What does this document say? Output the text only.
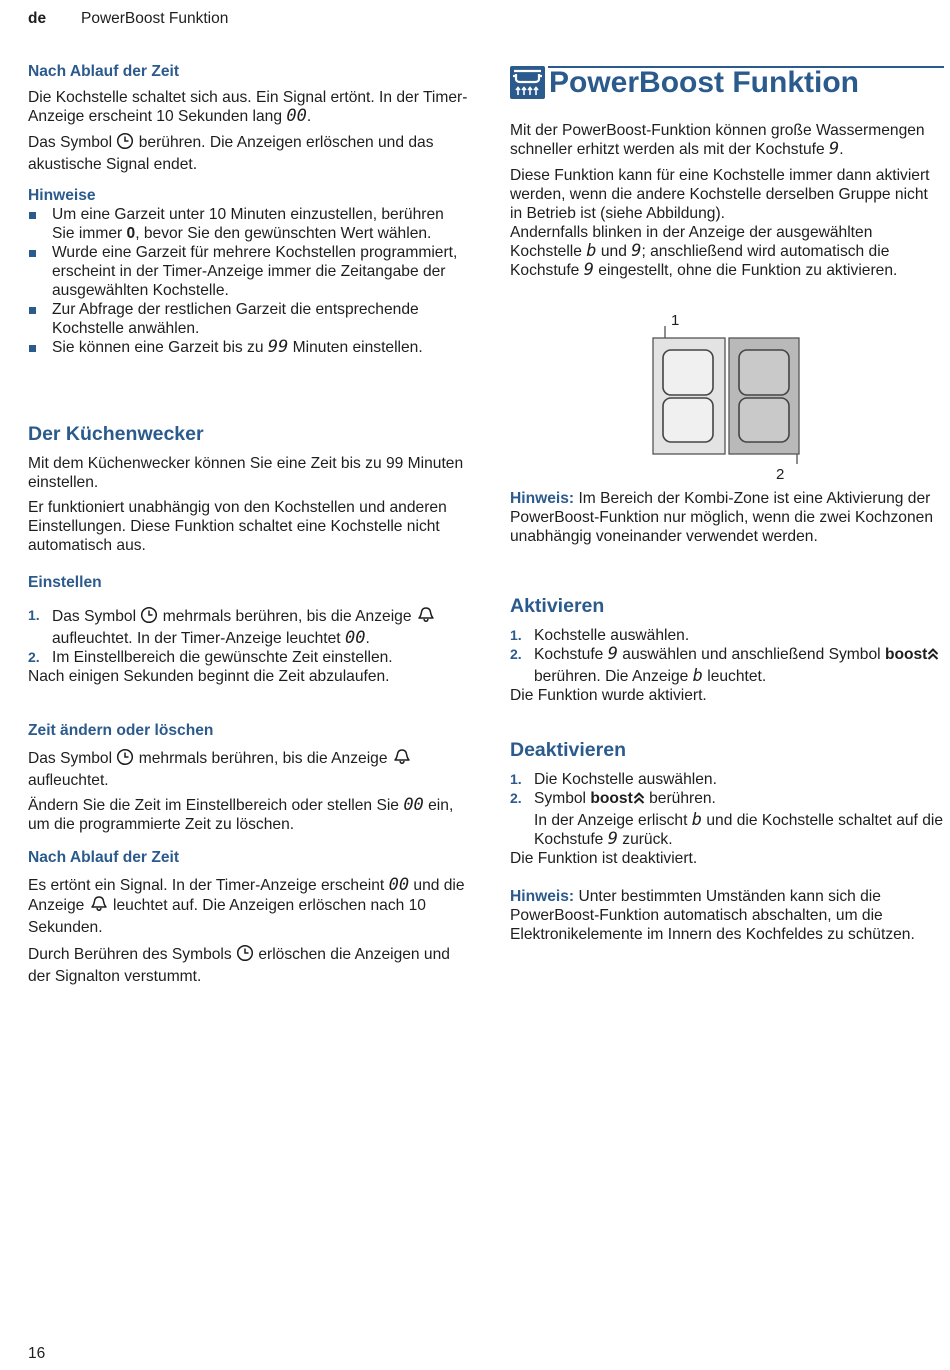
de PowerBoost Funktion
Nach Ablauf der Zeit

Die Kochstelle schaltet sich aus. Ein Signal ertönt. In der Timer-Anzeige erscheint 10 Sekunden lang 00.

Das Symbol  berühren. Die Anzeigen erlöschen und das akustische Signal endet.

Hinweise
Um eine Garzeit unter 10 Minuten einzustellen, berühren Sie immer 0, bevor Sie den gewünschten Wert wählen.
Wurde eine Garzeit für mehrere Kochstellen programmiert, erscheint in der Timer-Anzeige immer die Zeitangabe der ausgewählten Kochstelle.
Zur Abfrage der restlichen Garzeit die entsprechende Kochstelle anwählen.
Sie können eine Garzeit bis zu 99 Minuten einstellen.
Der Küchenwecker

Mit dem Küchenwecker können Sie eine Zeit bis zu 99 Minuten einstellen.

Er funktioniert unabhängig von den Kochstellen und anderen Einstellungen. Diese Funktion schaltet eine Kochstelle nicht automatisch aus.

Einstellen
1. Das Symbol  mehrmals berühren, bis die Anzeige  aufleuchtet. In der Timer-Anzeige leuchtet 00.
2. Im Einstellbereich die gewünschte Zeit einstellen.

Nach einigen Sekunden beginnt die Zeit abzulaufen.

Zeit ändern oder löschen

Das Symbol  mehrmals berühren, bis die Anzeige  aufleuchtet.

Ändern Sie die Zeit im Einstellbereich oder stellen Sie 00 ein, um die programmierte Zeit zu löschen.

Nach Ablauf der Zeit

Es ertönt ein Signal. In der Timer-Anzeige erscheint 00 und die Anzeige  leuchtet auf. Die Anzeigen erlöschen nach 10 Sekunden.

Durch Berühren des Symbols  erlöschen die Anzeigen und der Signalton verstummt.

PowerBoost Funktion

Mit der PowerBoost-Funktion können große Wassermengen schneller erhitzt werden als mit der Kochstufe 9.

Diese Funktion kann für eine Kochstelle immer dann aktiviert werden, wenn die andere Kochstelle derselben Gruppe nicht in Betrieb ist (siehe Abbildung).

Andernfalls blinken in der Anzeige der ausgewählten Kochstelle b und 9; anschließend wird automatisch die Kochstufe 9 eingestellt, ohne die Funktion zu aktivieren.

1
2

Hinweis: Im Bereich der Kombi-Zone ist eine Aktivierung der PowerBoost-Funktion nur möglich, wenn die zwei Kochzonen unabhängig voneinander verwendet werden.

Aktivieren
1. Kochstelle auswählen.
2. Kochstufe 9 auswählen und anschließend Symbol boost berühren. Die Anzeige b leuchtet.

Die Funktion wurde aktiviert.

Deaktivieren
1. Die Kochstelle auswählen.
2. Symbol boost berühren.
In der Anzeige erlischt b und die Kochstelle schaltet auf die Kochstufe 9 zurück.

Die Funktion ist deaktiviert.

Hinweis: Unter bestimmten Umständen kann sich die PowerBoost-Funktion automatisch abschalten, um die Elektronikelemente im Innern des Kochfeldes zu schützen.

16
